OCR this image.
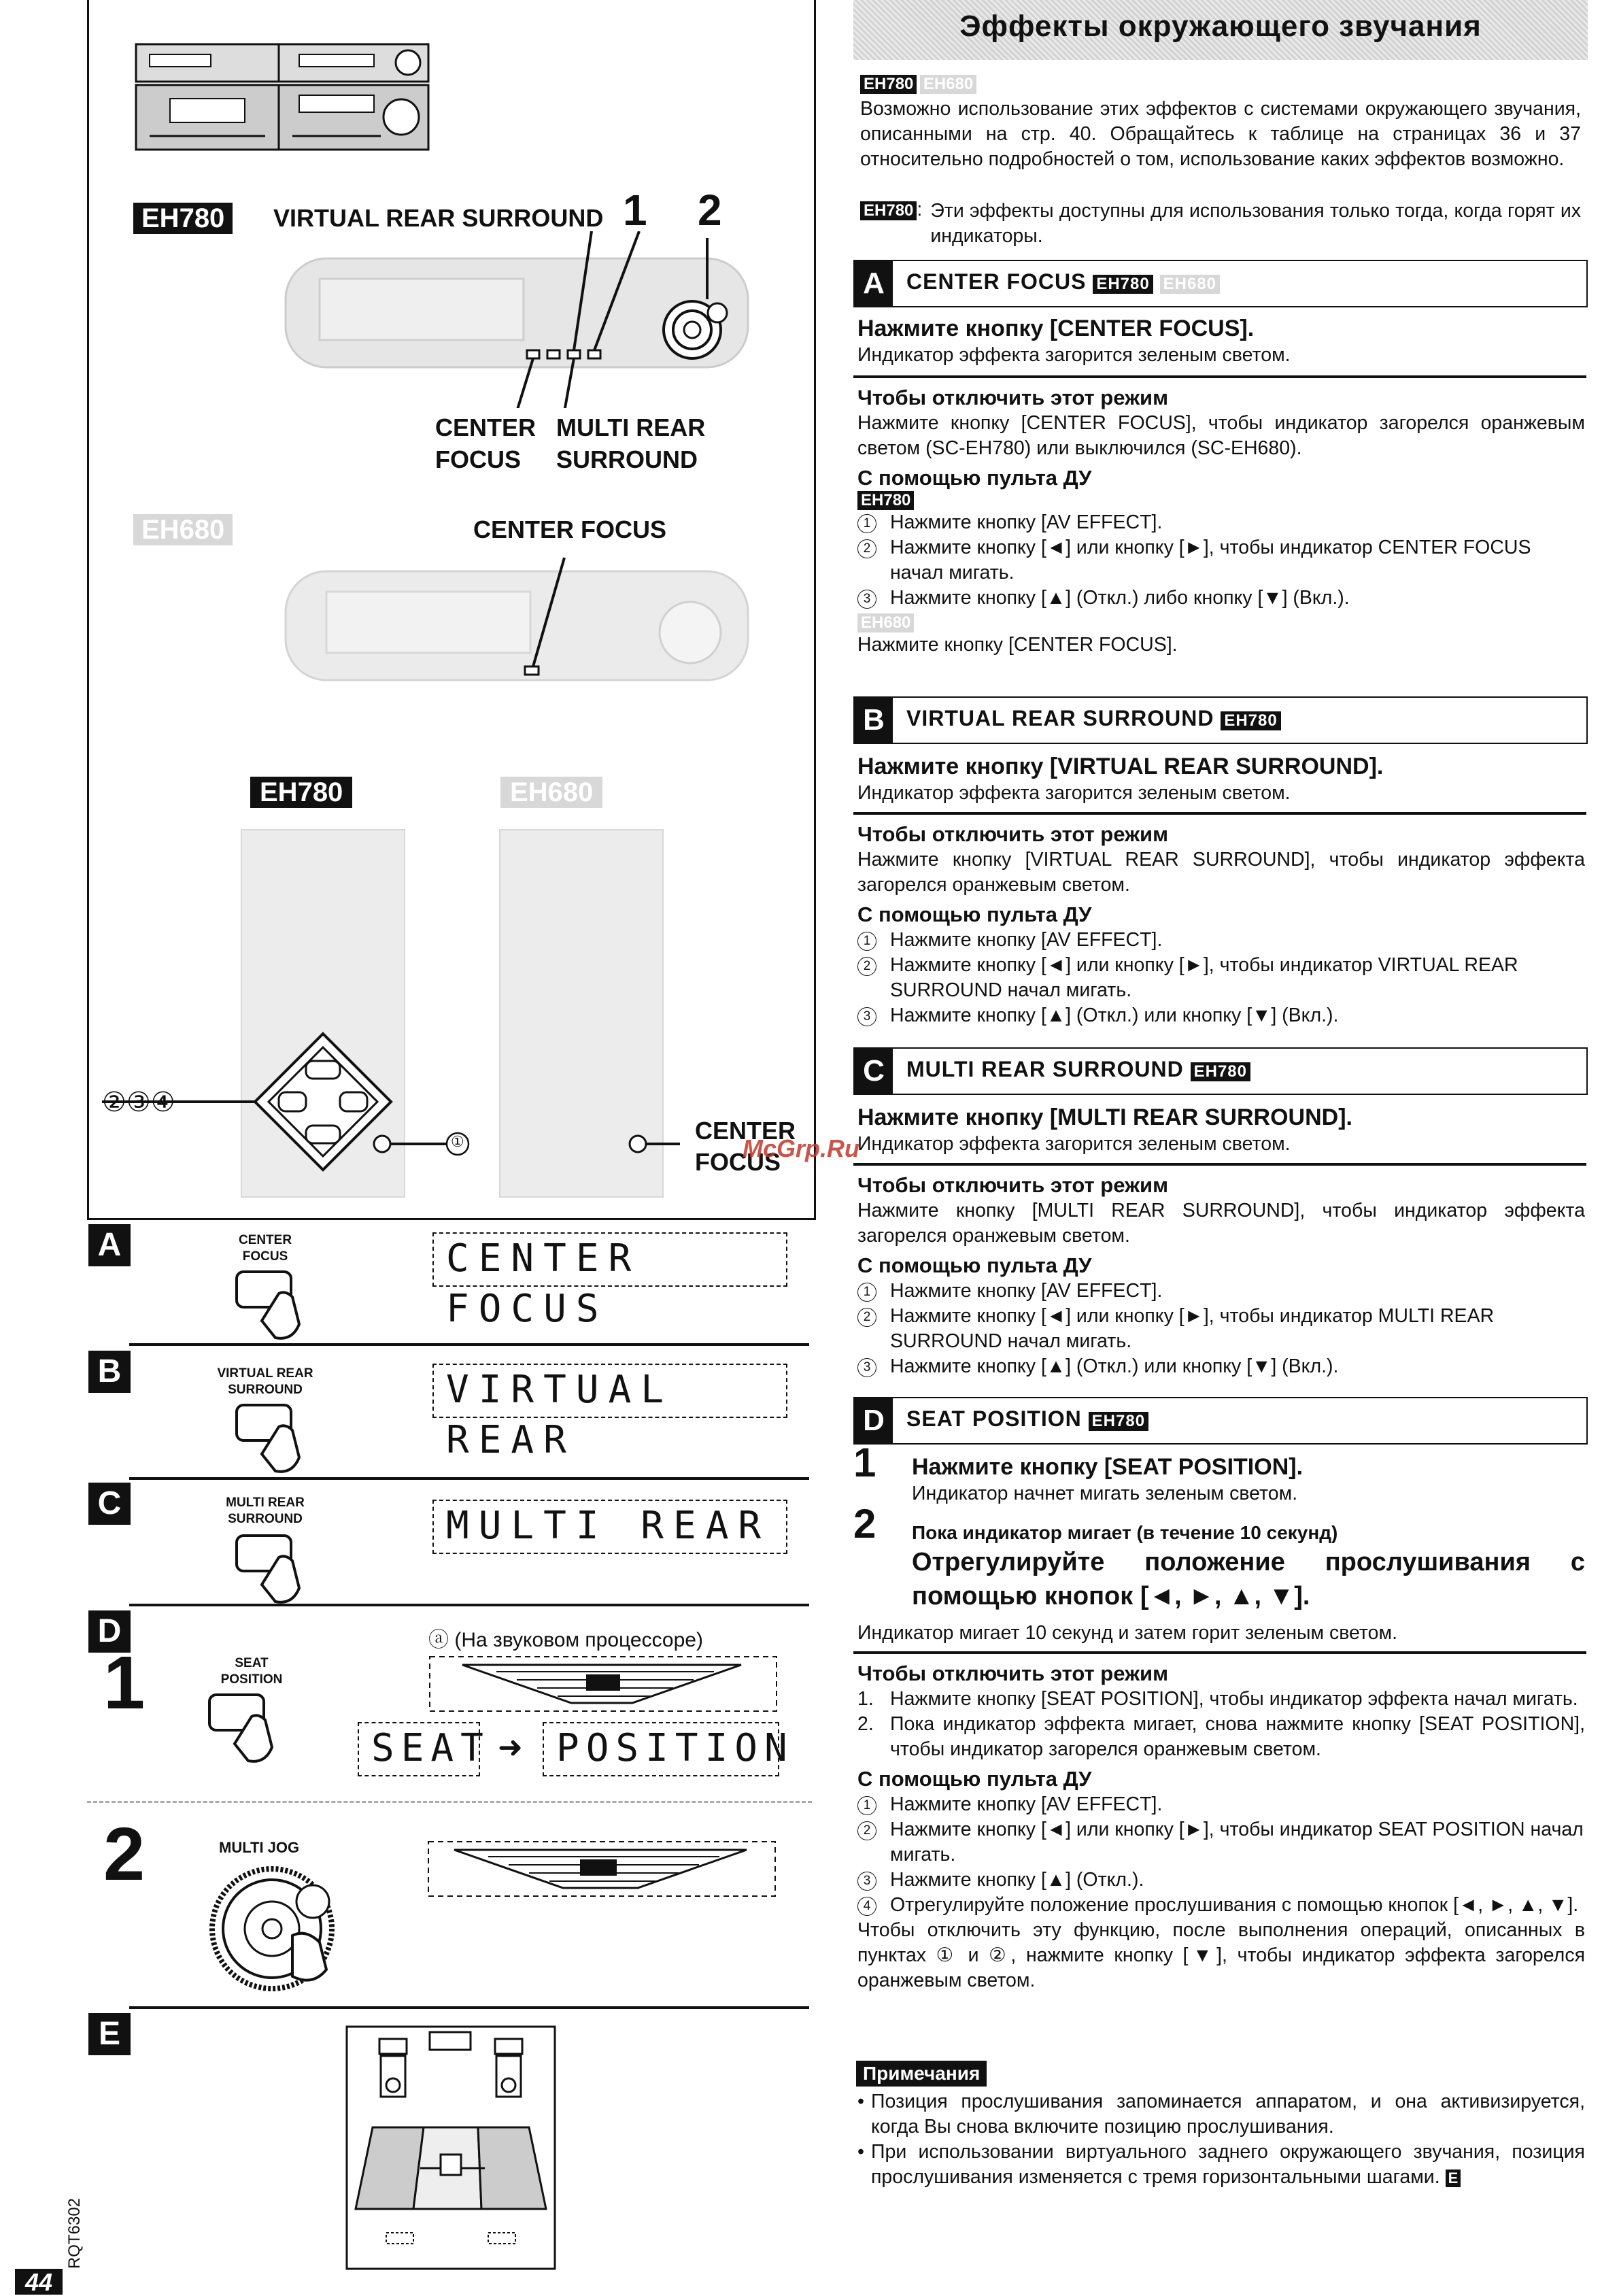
EH780	VIRTUAL REAR SURROUND 1 2
CENTER
FOCUS
MULTI REAR
SURROUND
EH680	CENTER FOCUS
EH780	EH680
②③④
①	CENTER
FOCUS
A	CENTER
FOCUS	CENTER FOCUS
B	VIRTUAL REAR
SURROUND	VIRTUAL REAR
C	MULTI REAR
SURROUND	MULTI REAR
D
1	SEAT
POSITION
ⓐ (На звуковом процессоре)
SEAT ➜ POSITION
2	MULTI JOG
E
RQT6302
44
McGrp.Ru
Эффекты окружающего звучания
EH780 EH680

Возможно использование этих эффектов с системами окружающего звучания, описанными на стр. 40. Обращайтесь к таблице на страницах 36 и 37 относительно подробностей о том, использование каких эффектов возможно.

EH780 : Эти эффекты доступны для использования только тогда, когда горят их индикаторы.

A	CENTER FOCUS EH780 EH680

Нажмите кнопку [CENTER FOCUS].

Индикатор эффекта загорится зеленым светом.

Чтобы отключить этот режим

Нажмите кнопку [CENTER FOCUS], чтобы индикатор загорелся оранжевым светом (SC-EH780) или выключился (SC-EH680).

С помощью пульта ДУ

EH780
1	Нажмите кнопку [AV EFFECT].
2	Нажмите кнопку [◄] или кнопку [►], чтобы индикатор CENTER FOCUS начал мигать.
3	Нажмите кнопку [▲] (Откл.) либо кнопку [▼] (Вкл.).
EH680

Нажмите кнопку [CENTER FOCUS].

B	VIRTUAL REAR SURROUND EH780

Нажмите кнопку [VIRTUAL REAR SURROUND].

Индикатор эффекта загорится зеленым светом.

Чтобы отключить этот режим

Нажмите кнопку [VIRTUAL REAR SURROUND], чтобы индикатор эффекта загорелся оранжевым светом.

С помощью пульта ДУ

1	Нажмите кнопку [AV EFFECT].
2	Нажмите кнопку [◄] или кнопку [►], чтобы индикатор VIRTUAL REAR SURROUND начал мигать.
3	Нажмите кнопку [▲] (Откл.) или кнопку [▼] (Вкл.).
C	MULTI REAR SURROUND EH780

Нажмите кнопку [MULTI REAR SURROUND].

Индикатор эффекта загорится зеленым светом.

Чтобы отключить этот режим

Нажмите кнопку [MULTI REAR SURROUND], чтобы индикатор эффекта загорелся оранжевым светом.

С помощью пульта ДУ

1	Нажмите кнопку [AV EFFECT].
2	Нажмите кнопку [◄] или кнопку [►], чтобы индикатор MULTI REAR SURROUND начал мигать.
3	Нажмите кнопку [▲] (Откл.) или кнопку [▼] (Вкл.).
D	SEAT POSITION EH780
1 Нажмите кнопку [SEAT POSITION].

Индикатор начнет мигать зеленым светом.

2 Пока индикатор мигает (в течение 10 секунд)

Отрегулируйте положение прослушивания с помощью кнопок [◄, ►, ▲, ▼].

Индикатор мигает 10 секунд и затем горит зеленым светом.

Чтобы отключить этот режим

1. Нажмите кнопку [SEAT POSITION], чтобы индикатор эффекта начал мигать.
2. Пока индикатор эффекта мигает, снова нажмите кнопку [SEAT POSITION], чтобы индикатор загорелся оранжевым светом.

С помощью пульта ДУ

1	Нажмите кнопку [AV EFFECT].
2	Нажмите кнопку [◄] или кнопку [►], чтобы индикатор SEAT POSITION начал мигать.
3	Нажмите кнопку [▲] (Откл.).
4	Отрегулируйте положение прослушивания с помощью кнопок [◄, ►, ▲, ▼].

Чтобы отключить эту функцию, после выполнения операций, описанных в пунктах ① и ②, нажмите кнопку [▼], чтобы индикатор эффекта загорелся оранжевым светом.

Примечания
• Позиция прослушивания запоминается аппаратом, и она активизируется, когда Вы снова включите позицию прослушивания.
• При использовании виртуального заднего окружающего звучания, позиция прослушивания изменяется с тремя горизонтальными шагами. E
